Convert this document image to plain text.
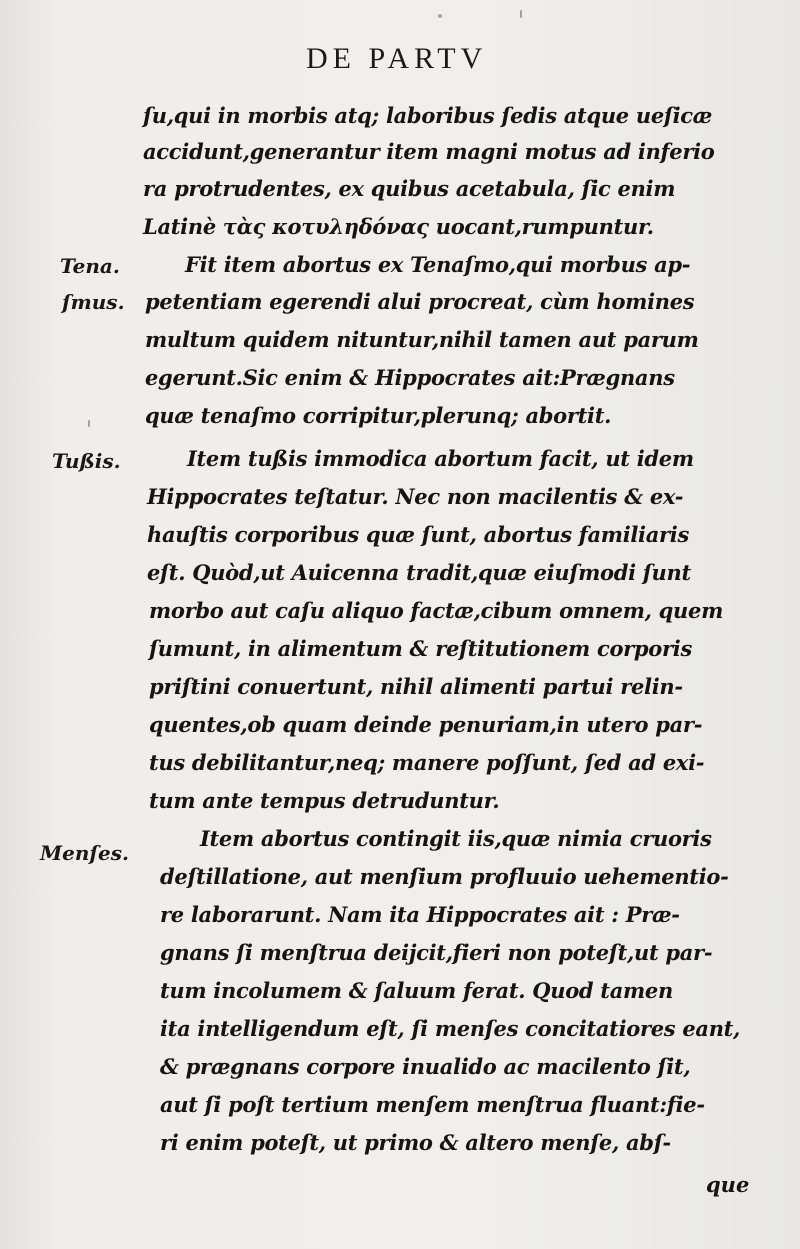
DE PARTV
ſu,qui in morbis atq; laboribus ſedis atque ueſicæ
accidunt,generantur item magni motus ad inferio
ra protrudentes, ex quibus acetabula, ſic enim
Latinè τὰς κοτυληδόνας uocant,rumpuntur.
Fit item abortus ex Tenaſmo,qui morbus ap-
petentiam egerendi alui procreat, cùm homines
multum quidem nituntur,nihil tamen aut parum
egerunt.Sic enim & Hippocrates ait:Prægnans
quæ tenaſmo corripitur,plerunq; abortit.
Item tußis immodica abortum facit, ut idem
Hippocrates teſtatur. Nec non macilentis & ex-
hauſtis corporibus quæ ſunt, abortus familiaris
eſt. Quòd,ut Auicenna tradit,quæ eiuſmodi ſunt
morbo aut caſu aliquo factæ,cibum omnem, quem
ſumunt, in alimentum & reſtitutionem corporis
priſtini conuertunt, nihil alimenti partui relin-
quentes,ob quam deinde penuriam,in utero par-
tus debilitantur,neq; manere poſſunt, ſed ad exi-
tum ante tempus detruduntur.
Item abortus contingit iis,quæ nimia cruoris
deſtillatione, aut menſium profluuio uehementio-
re laborarunt. Nam ita Hippocrates ait : Præ-
gnans ſi menſtrua deijcit,fieri non poteſt,ut par-
tum incolumem & ſaluum ferat. Quod tamen
ita intelligendum eſt, ſi menſes concitatiores eant,
& prægnans corpore inualido ac macilento ſit,
aut ſi poſt tertium menſem menſtrua fluant:fie-
ri enim poteſt, ut primo & altero menſe, abſ-
Tena.
ſmus.
Tußis.
Menſes.
que
